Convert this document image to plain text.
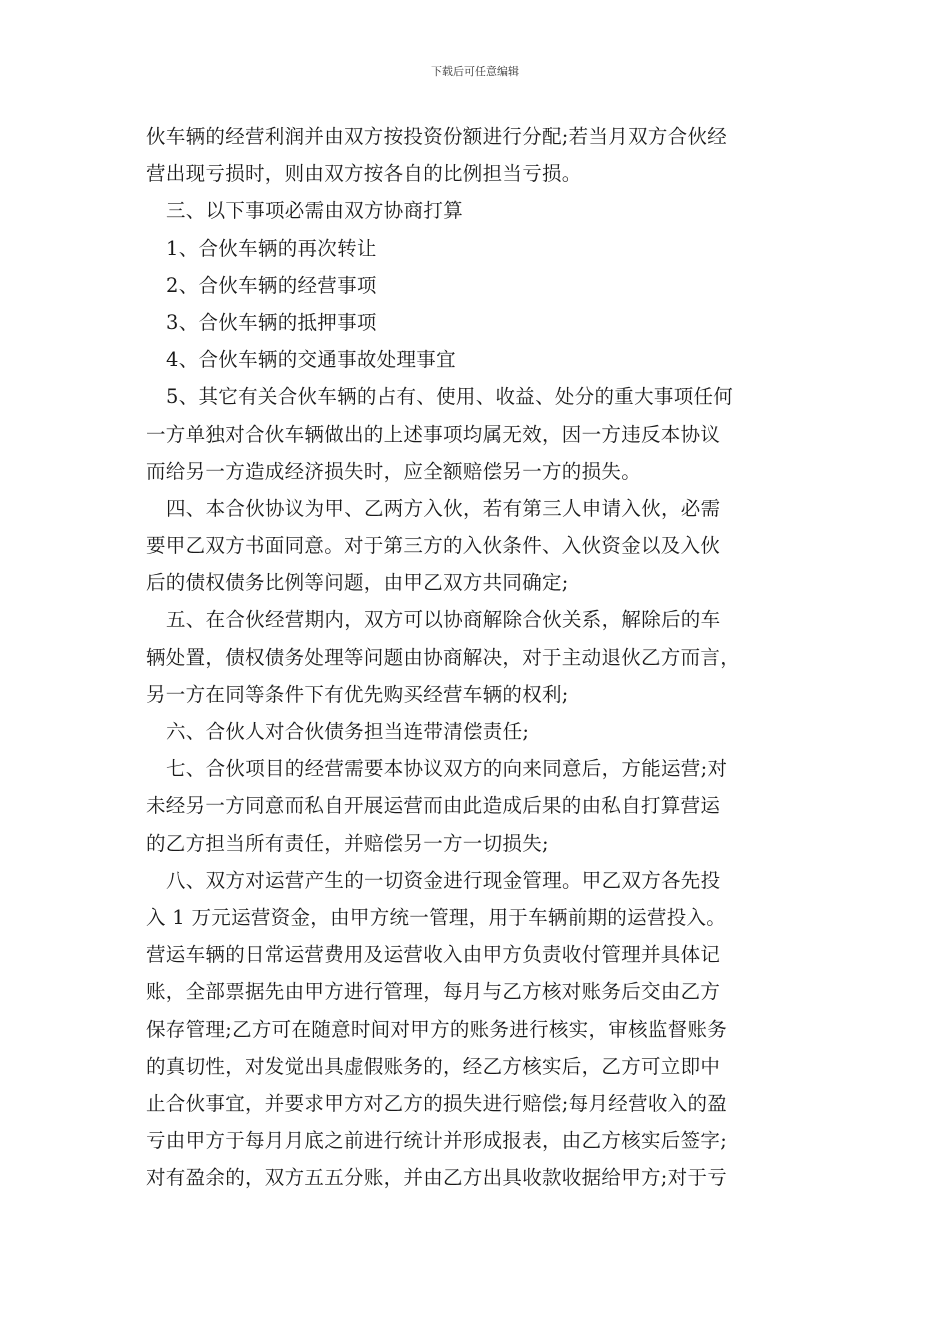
下载后可任意编辑
伙车辆的经营利润并由双方按投资份额进行分配;若当月双方合伙经
营出现亏损时，则由双方按各自的比例担当亏损。
三、以下事项必需由双方协商打算
1、合伙车辆的再次转让
2、合伙车辆的经营事项
3、合伙车辆的抵押事项
4、合伙车辆的交通事故处理事宜
5、其它有关合伙车辆的占有、使用、收益、处分的重大事项任何
一方单独对合伙车辆做出的上述事项均属无效，因一方违反本协议
而给另一方造成经济损失时，应全额赔偿另一方的损失。
四、本合伙协议为甲、乙两方入伙，若有第三人申请入伙，必需
要甲乙双方书面同意。对于第三方的入伙条件、入伙资金以及入伙
后的债权债务比例等问题，由甲乙双方共同确定;
五、在合伙经营期内，双方可以协商解除合伙关系，解除后的车
辆处置，债权债务处理等问题由协商解决，对于主动退伙乙方而言，
另一方在同等条件下有优先购买经营车辆的权利;
六、合伙人对合伙债务担当连带清偿责任;
七、合伙项目的经营需要本协议双方的向来同意后，方能运营;对
未经另一方同意而私自开展运营而由此造成后果的由私自打算营运
的乙方担当所有责任，并赔偿另一方一切损失;
八、双方对运营产生的一切资金进行现金管理。甲乙双方各先投
入 1 万元运营资金，由甲方统一管理，用于车辆前期的运营投入。
营运车辆的日常运营费用及运营收入由甲方负责收付管理并具体记
账，全部票据先由甲方进行管理，每月与乙方核对账务后交由乙方
保存管理;乙方可在随意时间对甲方的账务进行核实，审核监督账务
的真切性，对发觉出具虚假账务的，经乙方核实后，乙方可立即中
止合伙事宜，并要求甲方对乙方的损失进行赔偿;每月经营收入的盈
亏由甲方于每月月底之前进行统计并形成报表，由乙方核实后签字;
对有盈余的，双方五五分账，并由乙方出具收款收据给甲方;对于亏
